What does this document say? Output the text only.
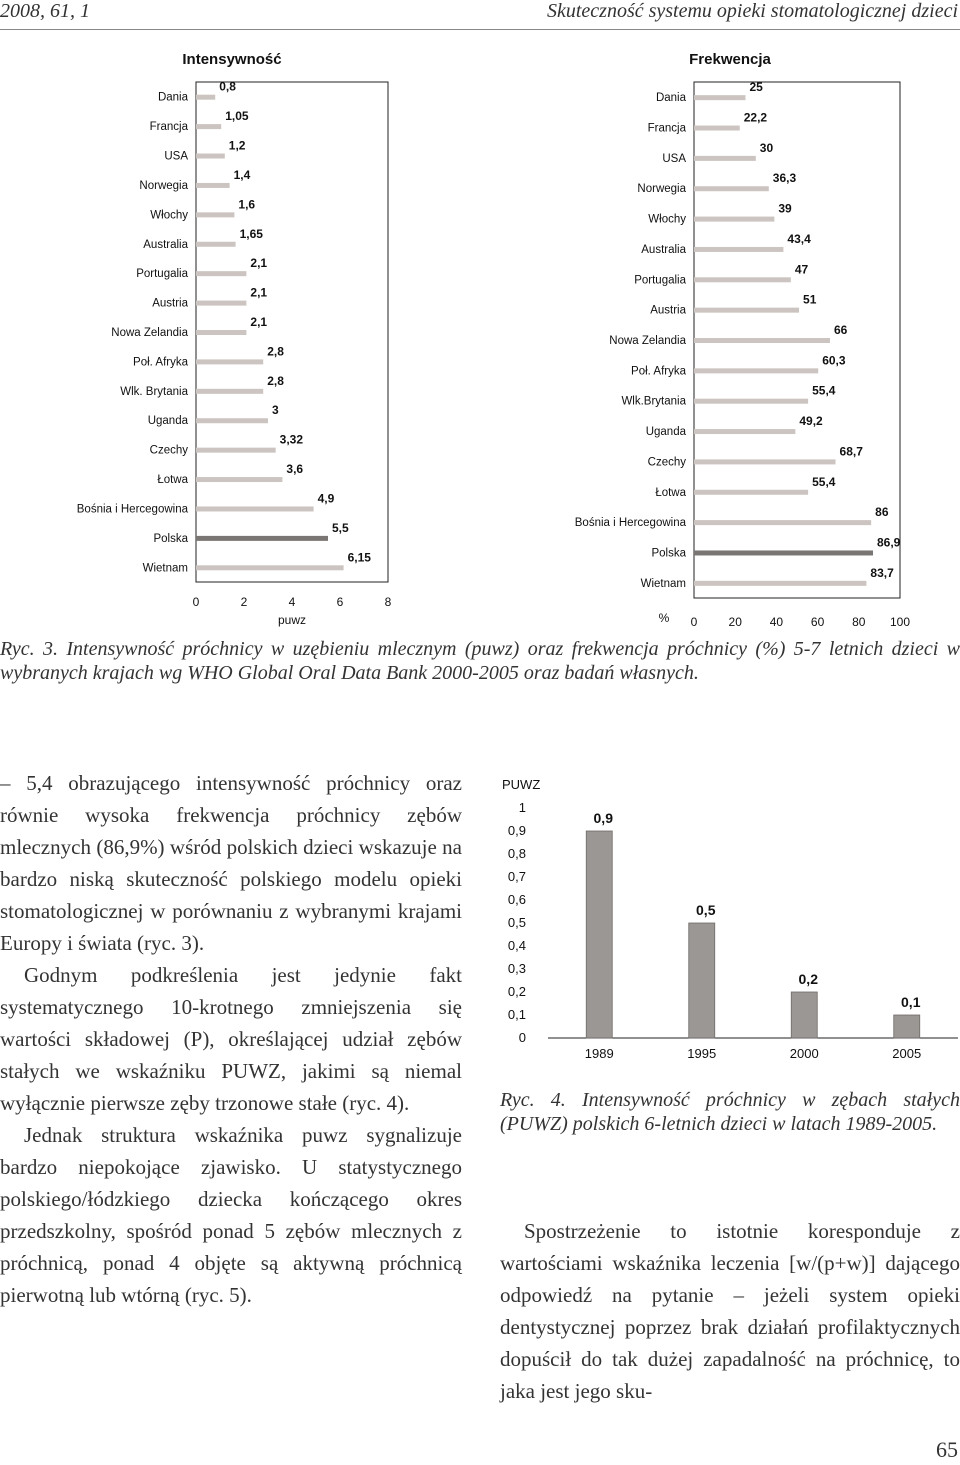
2008, 61, 1	Skuteczność systemu opieki stomatologicznej dzieci
Intensywność
Dania
0,8
Francja
1,05
USA
1,2
Norwegia
1,4
Włochy
1,6
Australia
1,65
Portugalia
2,1
Austria
2,1
Nowa Zelandia
2,1
Poł. Afryka
2,8
Wlk. Brytania
2,8
Uganda
3
Czechy
3,32
Łotwa
3,6
Bośnia i Hercegowina
4,9
Polska
5,5
Wietnam
6,15
0	2	4	6	8
puwz
Frekwencja
Dania
25
Francja
22,2
USA
30
Norwegia
36,3
Włochy
39
Australia
43,4
Portugalia
47
Austria
51
Nowa Zelandia
66
Poł. Afryka
60,3
Wlk.Brytania
55,4
Uganda
49,2
Czechy
68,7
Łotwa
55,4
Bośnia i Hercegowina
86
Polska
86,9
Wietnam
83,7
0	20 40 60 80 100
%
Ryc. 3. Intensywność próchnicy w uzębieniu mlecznym (puwz) oraz frekwencja próchnicy (%) 5-7 letnich dzieci w wybranych krajach wg WHO Global Oral Data Bank 2000-2005 oraz badań własnych.

– 5,4 obrazującego intensywność próchnicy oraz równie wysoka frekwencja próchnicy zębów mlecznych (86,9%) wśród polskich dzieci wskazuje na bardzo niską skuteczność polskiego modelu opieki stomatologicznej w porównaniu z wybranymi krajami Europy i świata (ryc. 3).

Godnym podkreślenia jest jedynie fakt systematycznego 10-krotnego zmniejszenia się wartości składowej (P), określającej udział zębów stałych we wskaźniku PUWZ, jakimi są niemal wyłącznie pierwsze zęby trzonowe stałe (ryc. 4).

Jednak struktura wskaźnika puwz sygnalizuje bardzo niepokojące zjawisko. U statystycznego polskiego/łódzkiego dziecka kończącego okres przedszkolny, spośród ponad 5 zębów mlecznych z próchnicą, ponad 4 objęte są aktywną próchnicą pierwotną lub wtórną (ryc. 5).

PUWZ
0
0,1
0,2
0,3
0,4
0,5
0,6
0,7
0,8
0,9
1
0,9
1989
0,5
1995
0,2
2000
0,1
2005
Ryc. 4. Intensywność próchnicy w zębach stałych (PUWZ) polskich 6-letnich dzieci w latach 1989-2005.

Spostrzeżenie to istotnie koresponduje z wartościami wskaźnika leczenia [w/(p+w)] dającego odpowiedź na pytanie – jeżeli system opieki dentystycznej poprzez brak działań profilaktycznych dopuścił do tak dużej zapadalność na próchnicę, to jaka jest jego sku-

65
